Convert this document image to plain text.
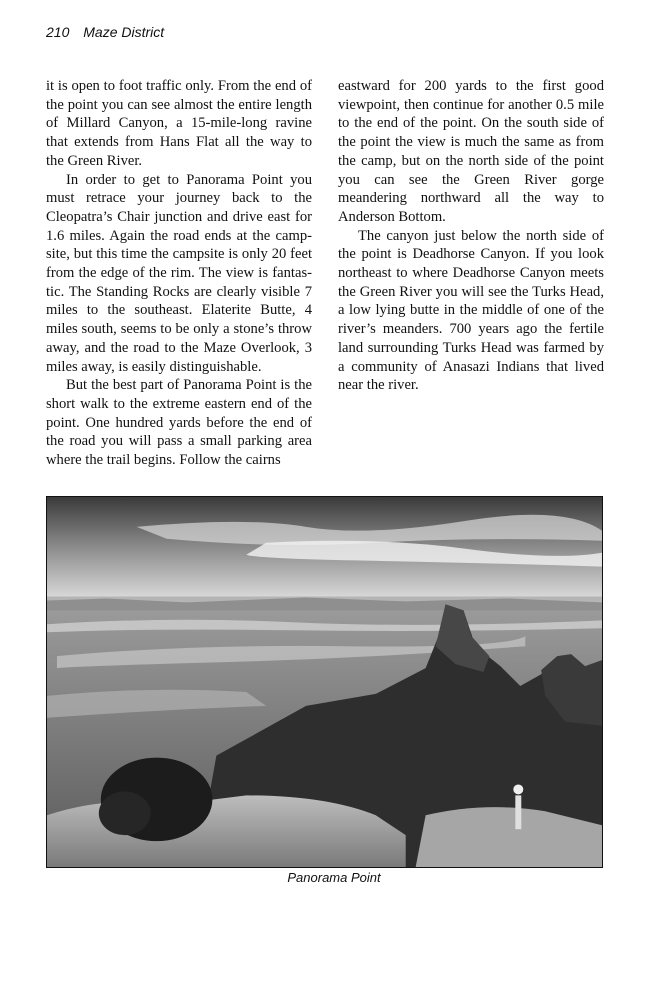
210 Maze District

it is open to foot traffic only. From the end of the point you can see almost the entire length of Millard Canyon, a 15-mile-long ravine that extends from Hans Flat all the way to the Green River.

In order to get to Panorama Point you must retrace your journey back to the Cleopatra’s Chair junction and drive east for 1.6 miles. Again the road ends at the campsite, but this time the campsite is only 20 feet from the edge of the rim. The view is fantastic. The Standing Rocks are clearly visible 7 miles to the southeast. Elaterite Butte, 4 miles south, seems to be only a stone’s throw away, and the road to the Maze Overlook, 3 miles away, is easily distinguishable.

But the best part of Panorama Point is the short walk to the extreme eastern end of the point. One hundred yards before the end of the road you will pass a small parking area where the trail begins. Follow the cairns

eastward for 200 yards to the first good viewpoint, then continue for another 0.5 mile to the end of the point. On the south side of the point the view is much the same as from the camp, but on the north side of the point you can see the Green River gorge meandering northward all the way to Anderson Bottom.

The canyon just below the north side of the point is Deadhorse Canyon. If you look northeast to where Deadhorse Canyon meets the Green River you will see the Turks Head, a low lying butte in the middle of one of the river’s meanders. 700 years ago the fertile land surrounding Turks Head was farmed by a community of Anasazi Indians that lived near the river.

Panorama Point
